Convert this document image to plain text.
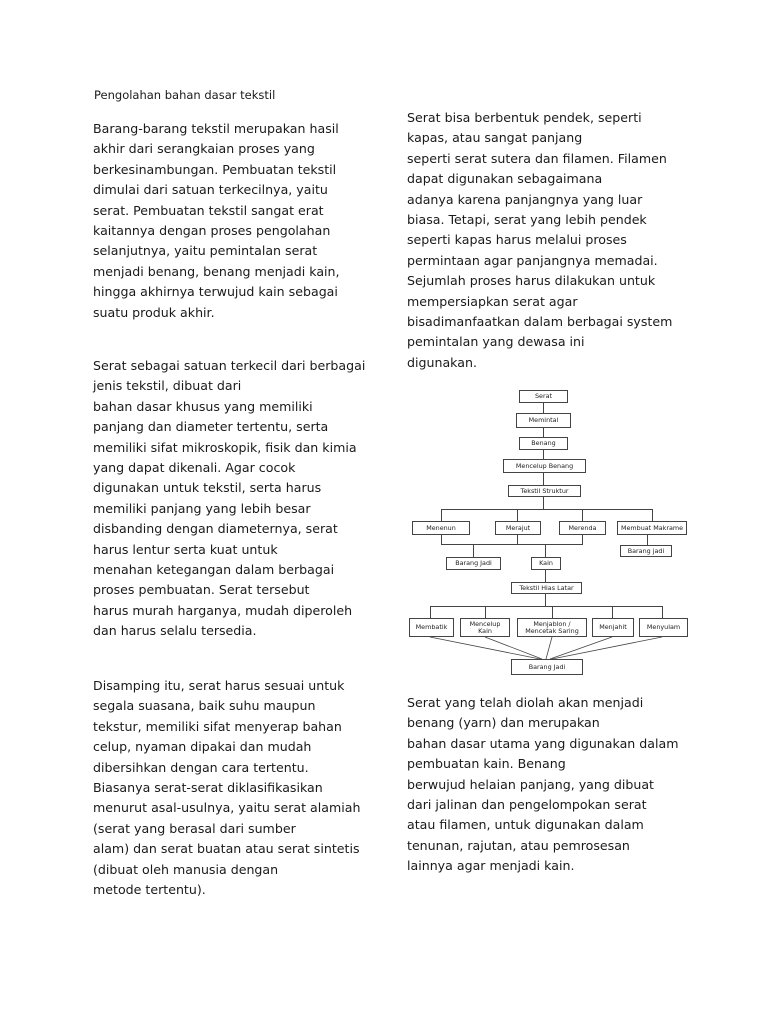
Pengolahan bahan dasar tekstil
Barang-barang tekstil merupakan hasil
akhir dari serangkaian proses yang
berkesinambungan. Pembuatan tekstil
dimulai dari satuan terkecilnya, yaitu
serat. Pembuatan tekstil sangat erat
kaitannya dengan proses pengolahan
selanjutnya, yaitu pemintalan serat
menjadi benang, benang menjadi kain,
hingga akhirnya terwujud kain sebagai
suatu produk akhir.
Serat sebagai satuan terkecil dari berbagai
jenis tekstil, dibuat dari
bahan dasar khusus yang memiliki
panjang dan diameter tertentu, serta
memiliki sifat mikroskopik, fisik dan kimia
yang dapat dikenali. Agar cocok
digunakan untuk tekstil, serta harus
memiliki panjang yang lebih besar
disbanding dengan diameternya, serat
harus lentur serta kuat untuk
menahan ketegangan dalam berbagai
proses pembuatan. Serat tersebut
harus murah harganya, mudah diperoleh
dan harus selalu tersedia.
Disamping itu, serat harus sesuai untuk
segala suasana, baik suhu maupun
tekstur, memiliki sifat menyerap bahan
celup, nyaman dipakai dan mudah
dibersihkan dengan cara tertentu.
Biasanya serat-serat diklasifikasikan
menurut asal-usulnya, yaitu serat alamiah
(serat yang berasal dari sumber
alam) dan serat buatan atau serat sintetis
(dibuat oleh manusia dengan
metode tertentu).
Serat bisa berbentuk pendek, seperti
kapas, atau sangat panjang
seperti serat sutera dan filamen. Filamen
dapat digunakan sebagaimana
adanya karena panjangnya yang luar
biasa. Tetapi, serat yang lebih pendek
seperti kapas harus melalui proses
permintaan agar panjangnya memadai.
Sejumlah proses harus dilakukan untuk
mempersiapkan serat agar
bisadimanfaatkan dalam berbagai system
pemintalan yang dewasa ini
digunakan.
Serat yang telah diolah akan menjadi
benang (yarn) dan merupakan
bahan dasar utama yang digunakan dalam
pembuatan kain. Benang
berwujud helaian panjang, yang dibuat
dari jalinan dan pengelompokan serat
atau filamen, untuk digunakan dalam
tenunan, rajutan, atau pemrosesan
lainnya agar menjadi kain.
Serat
Memintal
Benang
Mencelup Benang
Tekstil Struktur
Menenun	Merajut	Merenda	Membuat Makrame
Barang jadi
Barang Jadi	Kain
Tekstil Hias Latar
Membatik	Mencelup
Kain
Menjablon /
Mencetak Saring	Menjahit	Menyulam
Barang Jadi
